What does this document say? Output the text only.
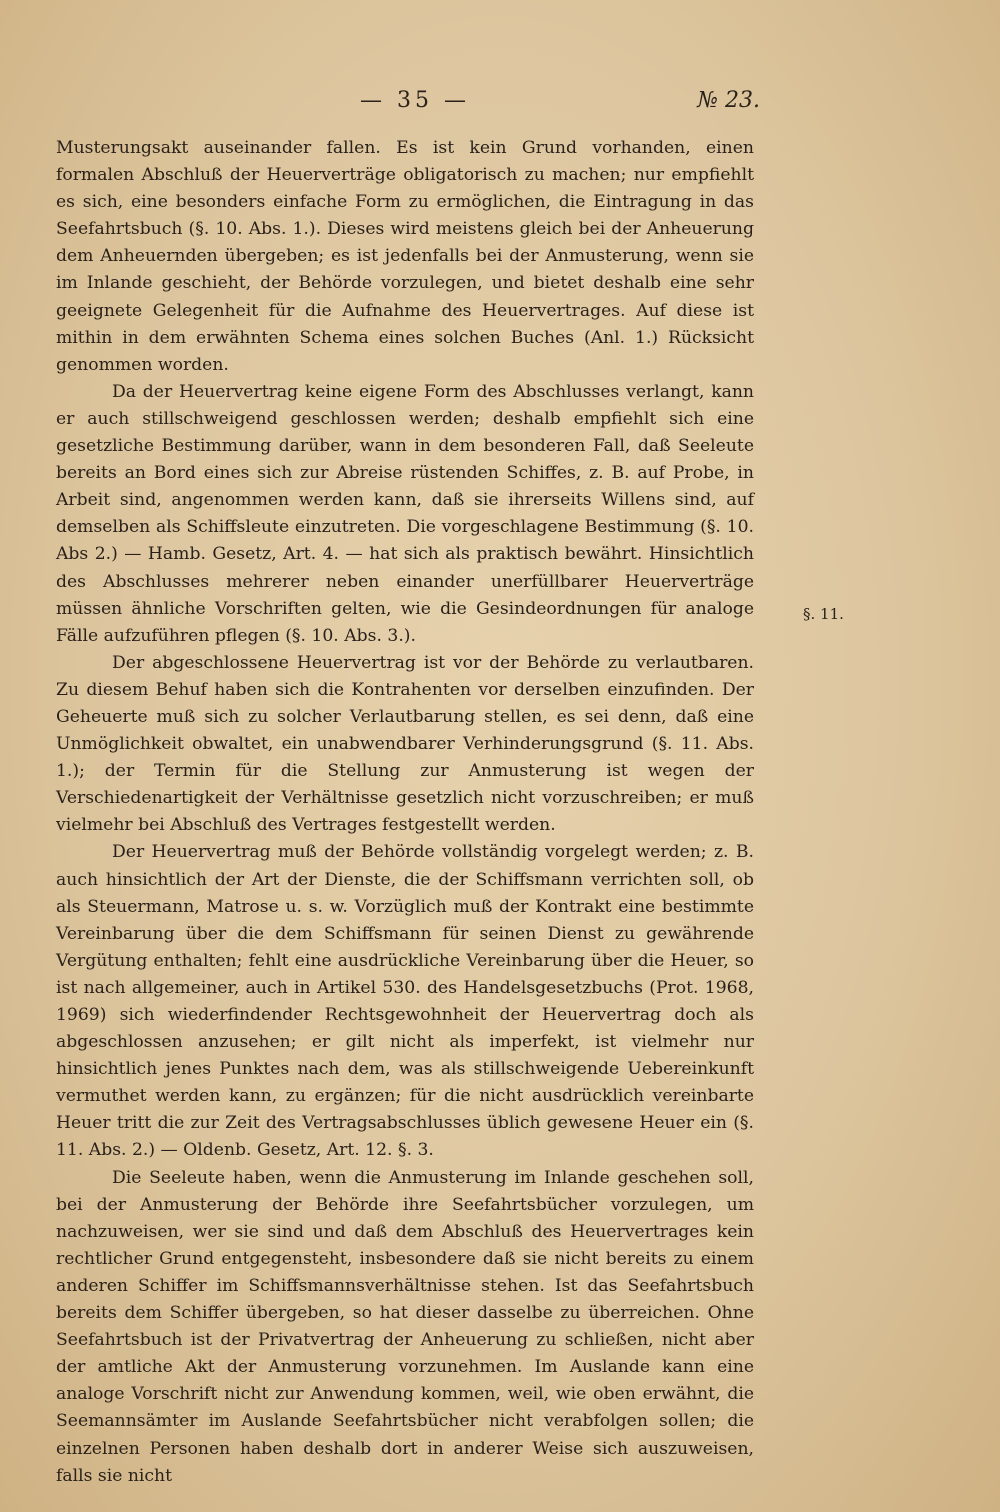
— 35 —	№ 23.

Musterungsakt auseinander fallen. Es ist kein Grund vorhanden, einen formalen Abschluß der Heuerverträge obligatorisch zu machen; nur empfiehlt es sich, eine besonders einfache Form zu ermöglichen, die Eintragung in das Seefahrtsbuch (§. 10. Abs. 1.). Dieses wird meistens gleich bei der Anheuerung dem Anheuernden übergeben; es ist jedenfalls bei der Anmusterung, wenn sie im Inlande geschieht, der Behörde vorzulegen, und bietet deshalb eine sehr geeignete Gelegenheit für die Aufnahme des Heuervertrages. Auf diese ist mithin in dem erwähnten Schema eines solchen Buches (Anl. 1.) Rücksicht genommen worden.

Da der Heuervertrag keine eigene Form des Abschlusses verlangt, kann er auch stillschweigend geschlossen werden; deshalb empfiehlt sich eine gesetzliche Bestimmung darüber, wann in dem besonderen Fall, daß Seeleute bereits an Bord eines sich zur Abreise rüstenden Schiffes, z. B. auf Probe, in Arbeit sind, angenommen werden kann, daß sie ihrerseits Willens sind, auf demselben als Schiffsleute einzutreten. Die vorgeschlagene Bestimmung (§. 10. Abs 2.) — Hamb. Gesetz, Art. 4. — hat sich als praktisch bewährt. Hinsichtlich des Abschlusses mehrerer neben einander unerfüllbarer Heuerverträge müssen ähnliche Vorschriften gelten, wie die Gesindeordnungen für analoge Fälle aufzuführen pflegen (§. 10. Abs. 3.).

Der abgeschlossene Heuervertrag ist vor der Behörde zu verlautbaren. Zu diesem Behuf haben sich die Kontrahenten vor derselben einzufinden. Der Geheuerte muß sich zu solcher Verlautbarung stellen, es sei denn, daß eine Unmöglichkeit obwaltet, ein unabwendbarer Verhinderungsgrund (§. 11. Abs. 1.); der Termin für die Stellung zur Anmusterung ist wegen der Verschiedenartigkeit der Verhältnisse gesetzlich nicht vorzuschreiben; er muß vielmehr bei Abschluß des Vertrages festgestellt werden.

Der Heuervertrag muß der Behörde vollständig vorgelegt werden; z. B. auch hinsichtlich der Art der Dienste, die der Schiffsmann verrichten soll, ob als Steuermann, Matrose u. s. w. Vorzüglich muß der Kontrakt eine bestimmte Vereinbarung über die dem Schiffsmann für seinen Dienst zu gewährende Vergütung enthalten; fehlt eine ausdrückliche Vereinbarung über die Heuer, so ist nach allgemeiner, auch in Artikel 530. des Handelsgesetzbuchs (Prot. 1968, 1969) sich wiederfindender Rechtsgewohnheit der Heuervertrag doch als abgeschlossen anzusehen; er gilt nicht als imperfekt, ist vielmehr nur hinsichtlich jenes Punktes nach dem, was als stillschweigende Uebereinkunft vermuthet werden kann, zu ergänzen; für die nicht ausdrücklich vereinbarte Heuer tritt die zur Zeit des Vertragsabschlusses üblich gewesene Heuer ein (§. 11. Abs. 2.) — Oldenb. Gesetz, Art. 12. §. 3.

Die Seeleute haben, wenn die Anmusterung im Inlande geschehen soll, bei der Anmusterung der Behörde ihre Seefahrtsbücher vorzulegen, um nachzuweisen, wer sie sind und daß dem Abschluß des Heuervertrages kein rechtlicher Grund entgegensteht, insbesondere daß sie nicht bereits zu einem anderen Schiffer im Schiffsmannsverhältnisse stehen. Ist das Seefahrtsbuch bereits dem Schiffer übergeben, so hat dieser dasselbe zu überreichen. Ohne Seefahrtsbuch ist der Privatvertrag der Anheuerung zu schließen, nicht aber der amtliche Akt der Anmusterung vorzunehmen. Im Auslande kann eine analoge Vorschrift nicht zur Anwendung kommen, weil, wie oben erwähnt, die Seemannsämter im Auslande Seefahrtsbücher nicht verabfolgen sollen; die einzelnen Personen haben deshalb dort in anderer Weise sich auszuweisen, falls sie nicht

§. 11.
